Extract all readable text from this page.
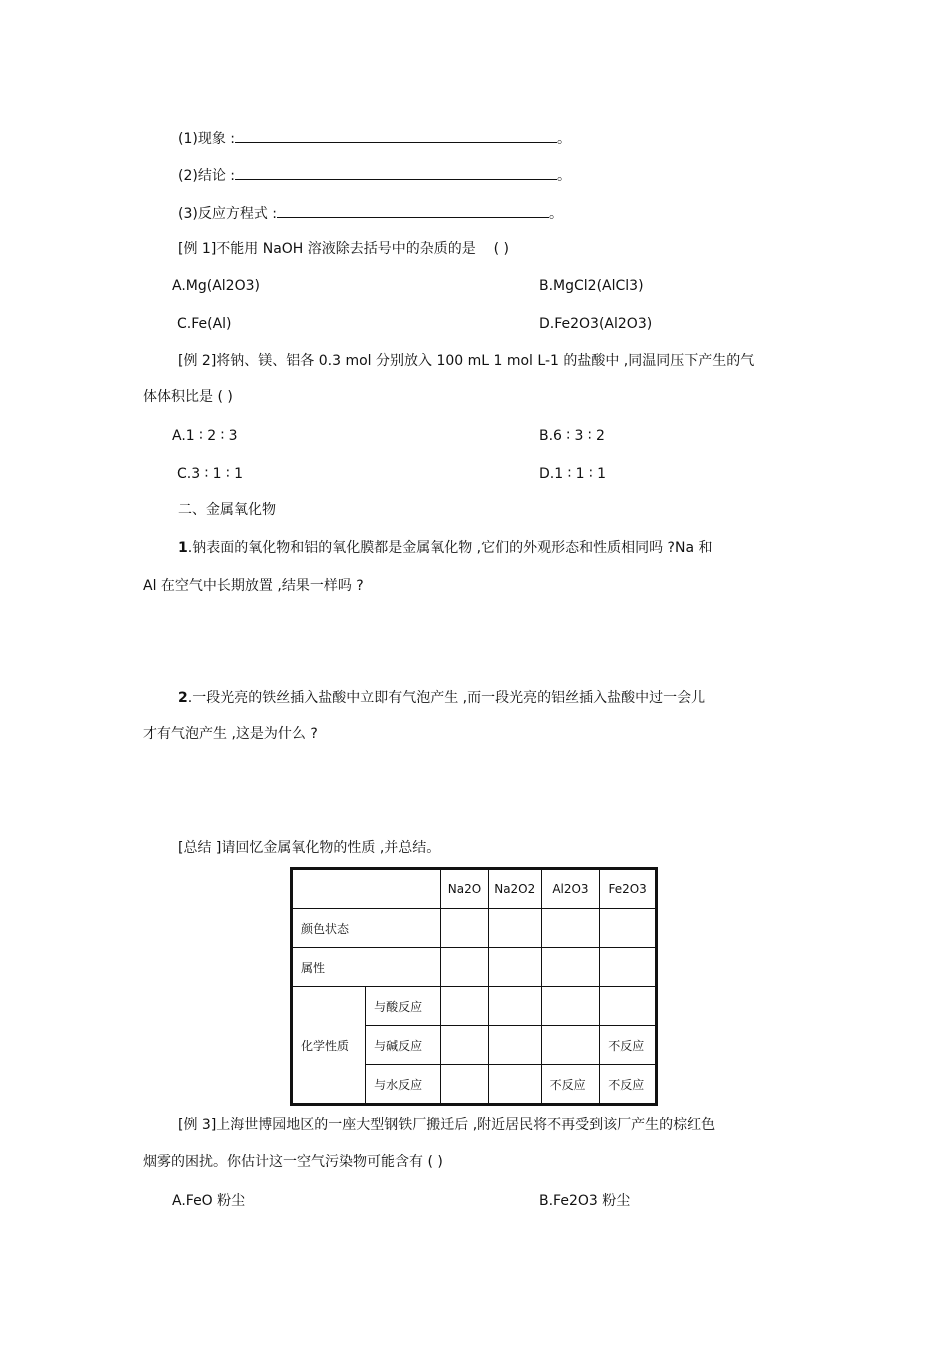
(1)现象 :	。
(2)结论 :	。
(3)反应方程式 :	。
[例 1]不能用 NaOH 溶液除去括号中的杂质的是 ( )
A.Mg(Al2O3)	B.MgCl2(AlCl3)
C.Fe(Al)	D.Fe2O3(Al2O3)
[例 2]将钠、镁、铝各 0.3 mol 分别放入 100 mL 1 mol L-1 的盐酸中 ,同温同压下产生的气
体体积比是 ( )
A.1 ∶ 2 ∶ 3	B.6 ∶ 3 ∶ 2
C.3 ∶ 1 ∶ 1	D.1 ∶ 1 ∶ 1
二、金属氧化物
1.钠表面的氧化物和铝的氧化膜都是金属氧化物 ,它们的外观形态和性质相同吗 ?Na 和
Al 在空气中长期放置 ,结果一样吗 ?
2.一段光亮的铁丝插入盐酸中立即有气泡产生 ,而一段光亮的铝丝插入盐酸中过一会儿
才有气泡产生 ,这是为什么 ?
[总结 ]请回忆金属氧化物的性质 ,并总结。
		Na2O	Na2O2	Al2O3	Fe2O3
颜色状态					
属性					
化学性质	与酸反应				
	与碱反应				不反应
	与水反应			不反应	不反应
[例 3]上海世博园地区的一座大型钢铁厂搬迁后 ,附近居民将不再受到该厂产生的棕红色
烟雾的困扰。你估计这一空气污染物可能含有 ( )
A.FeO 粉尘	B.Fe2O3 粉尘
